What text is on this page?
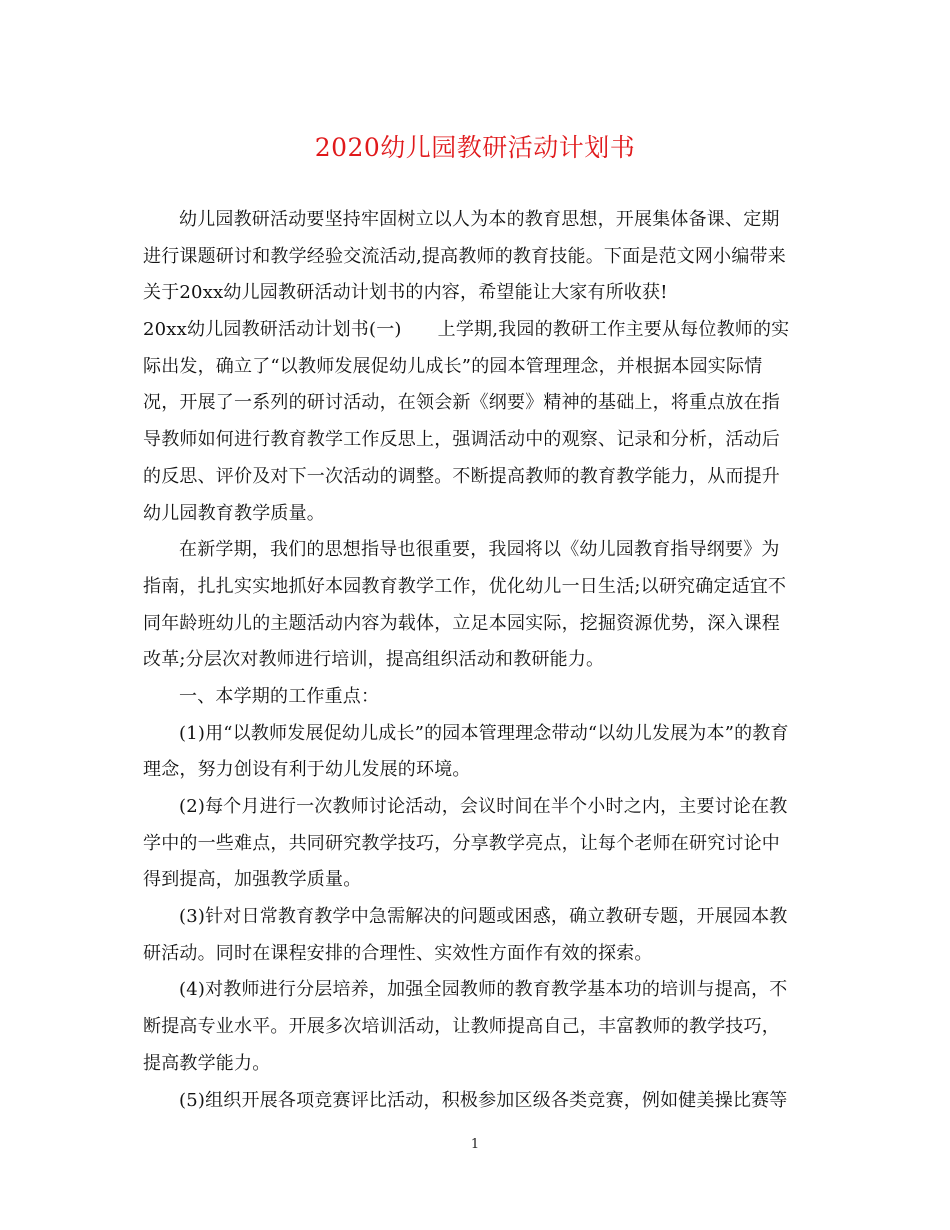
2020幼儿园教研活动计划书
幼儿园教研活动要坚持牢固树立以人为本的教育思想，开展集体备课、定期
进行课题研讨和教学经验交流活动,提高教师的教育技能。下面是范文网小编带来
关于20xx幼儿园教研活动计划书的内容，希望能让大家有所收获!
20xx幼儿园教研活动计划书(一) 上学期,我园的教研工作主要从每位教师的实
际出发，确立了“以教师发展促幼儿成长”的园本管理理念，并根据本园实际情
况，开展了一系列的研讨活动，在领会新《纲要》精神的基础上，将重点放在指
导教师如何进行教育教学工作反思上，强调活动中的观察、记录和分析，活动后
的反思、评价及对下一次活动的调整。不断提高教师的教育教学能力，从而提升
幼儿园教育教学质量。
在新学期，我们的思想指导也很重要，我园将以《幼儿园教育指导纲要》为
指南，扎扎实实地抓好本园教育教学工作，优化幼儿一日生活;以研究确定适宜不
同年龄班幼儿的主题活动内容为载体，立足本园实际，挖掘资源优势，深入课程
改革;分层次对教师进行培训，提高组织活动和教研能力。
一、本学期的工作重点：
(1)用“以教师发展促幼儿成长”的园本管理理念带动“以幼儿发展为本”的教育
理念，努力创设有利于幼儿发展的环境。
(2)每个月进行一次教师讨论活动，会议时间在半个小时之内，主要讨论在教
学中的一些难点，共同研究教学技巧，分享教学亮点，让每个老师在研究讨论中
得到提高，加强教学质量。
(3)针对日常教育教学中急需解决的问题或困惑，确立教研专题，开展园本教
研活动。同时在课程安排的合理性、实效性方面作有效的探索。
(4)对教师进行分层培养，加强全园教师的教育教学基本功的培训与提高，不
断提高专业水平。开展多次培训活动，让教师提高自己，丰富教师的教学技巧，
提高教学能力。
(5)组织开展各项竞赛评比活动，积极参加区级各类竞赛，例如健美操比赛等
1
